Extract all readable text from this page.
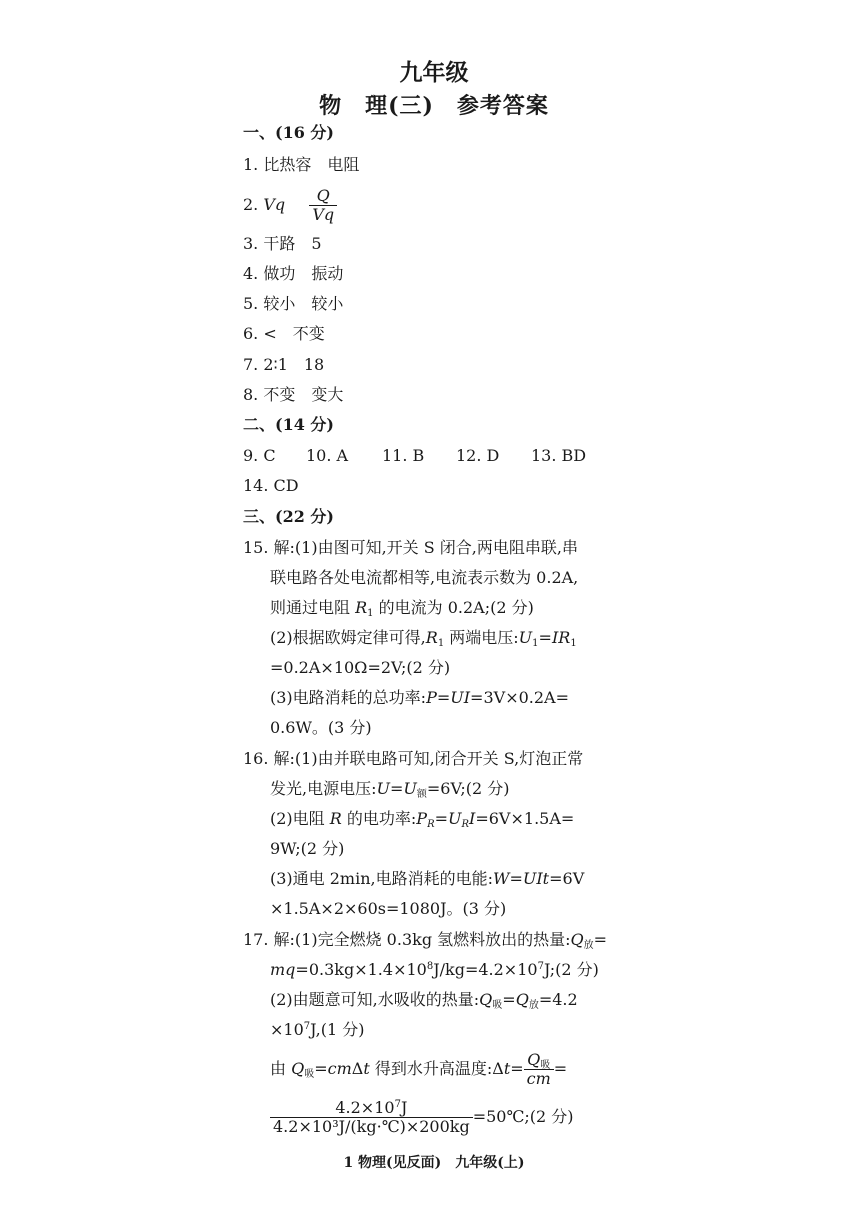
九年级
物　理(三)　参考答案
一、(16 分)
1. 比热容　电阻
2. Vq $\frac{Q}{Vq}$
3. 干路　5
4. 做功　振动
5. 较小　较小
6. <　不变
7. 2∶1　18
8. 不变　变大
二、(14 分)
9. C 10. A 11. B 12. D 13. BD
14. CD
三、(22 分)
15. 解:(1)由图可知,开关 S 闭合,两电阻串联,串
联电路各处电流都相等,电流表示数为 0.2A,
则通过电阻 $R_1$ 的电流为 0.2A;(2 分)
(2)根据欧姆定律可得$,R_1$ 两端电压$:U_1=IR_1$
=0.2A×10Ω=2V;(2 分)
(3)电路消耗的总功率:P=UI=3V×0.2A=
0.6W。(3 分)
16. 解:(1)由并联电路可知,闭合开关 S,灯泡正常
发光,电源电压$:U=U_额=6V;(2$ 分)
(2)电阻 R 的电功率$:P_R=U_RI=6V\times 1.5A=$
9W;(2 分)
(3)通电 2min,电路消耗的电能:W=UIt=6V
×1.5A×2×60s=1080J。(3 分)
17. 解:(1)完全燃烧 0.3kg 氢燃料放出的热量$:Q_放=$
$mq=0.3kg\times 1.4\times 10^8J/kg=4.2\times 10^7J;(2$ 分)
(2)由题意可知,水吸收的热量$:Q_吸=Q_放=4.2$
$\times 10^7J,(1$ 分)
由 $Q_吸=cm\Delta t$ 得到水升高温度:Δt= $\frac{Q_吸}{cm}$ =
$\frac{4.2\times 10^7J}{\text{4.2×10³J/(kg·℃)×200kg}}$ =50℃;(2 分)
1 物理(见反面)　九年级(上)
